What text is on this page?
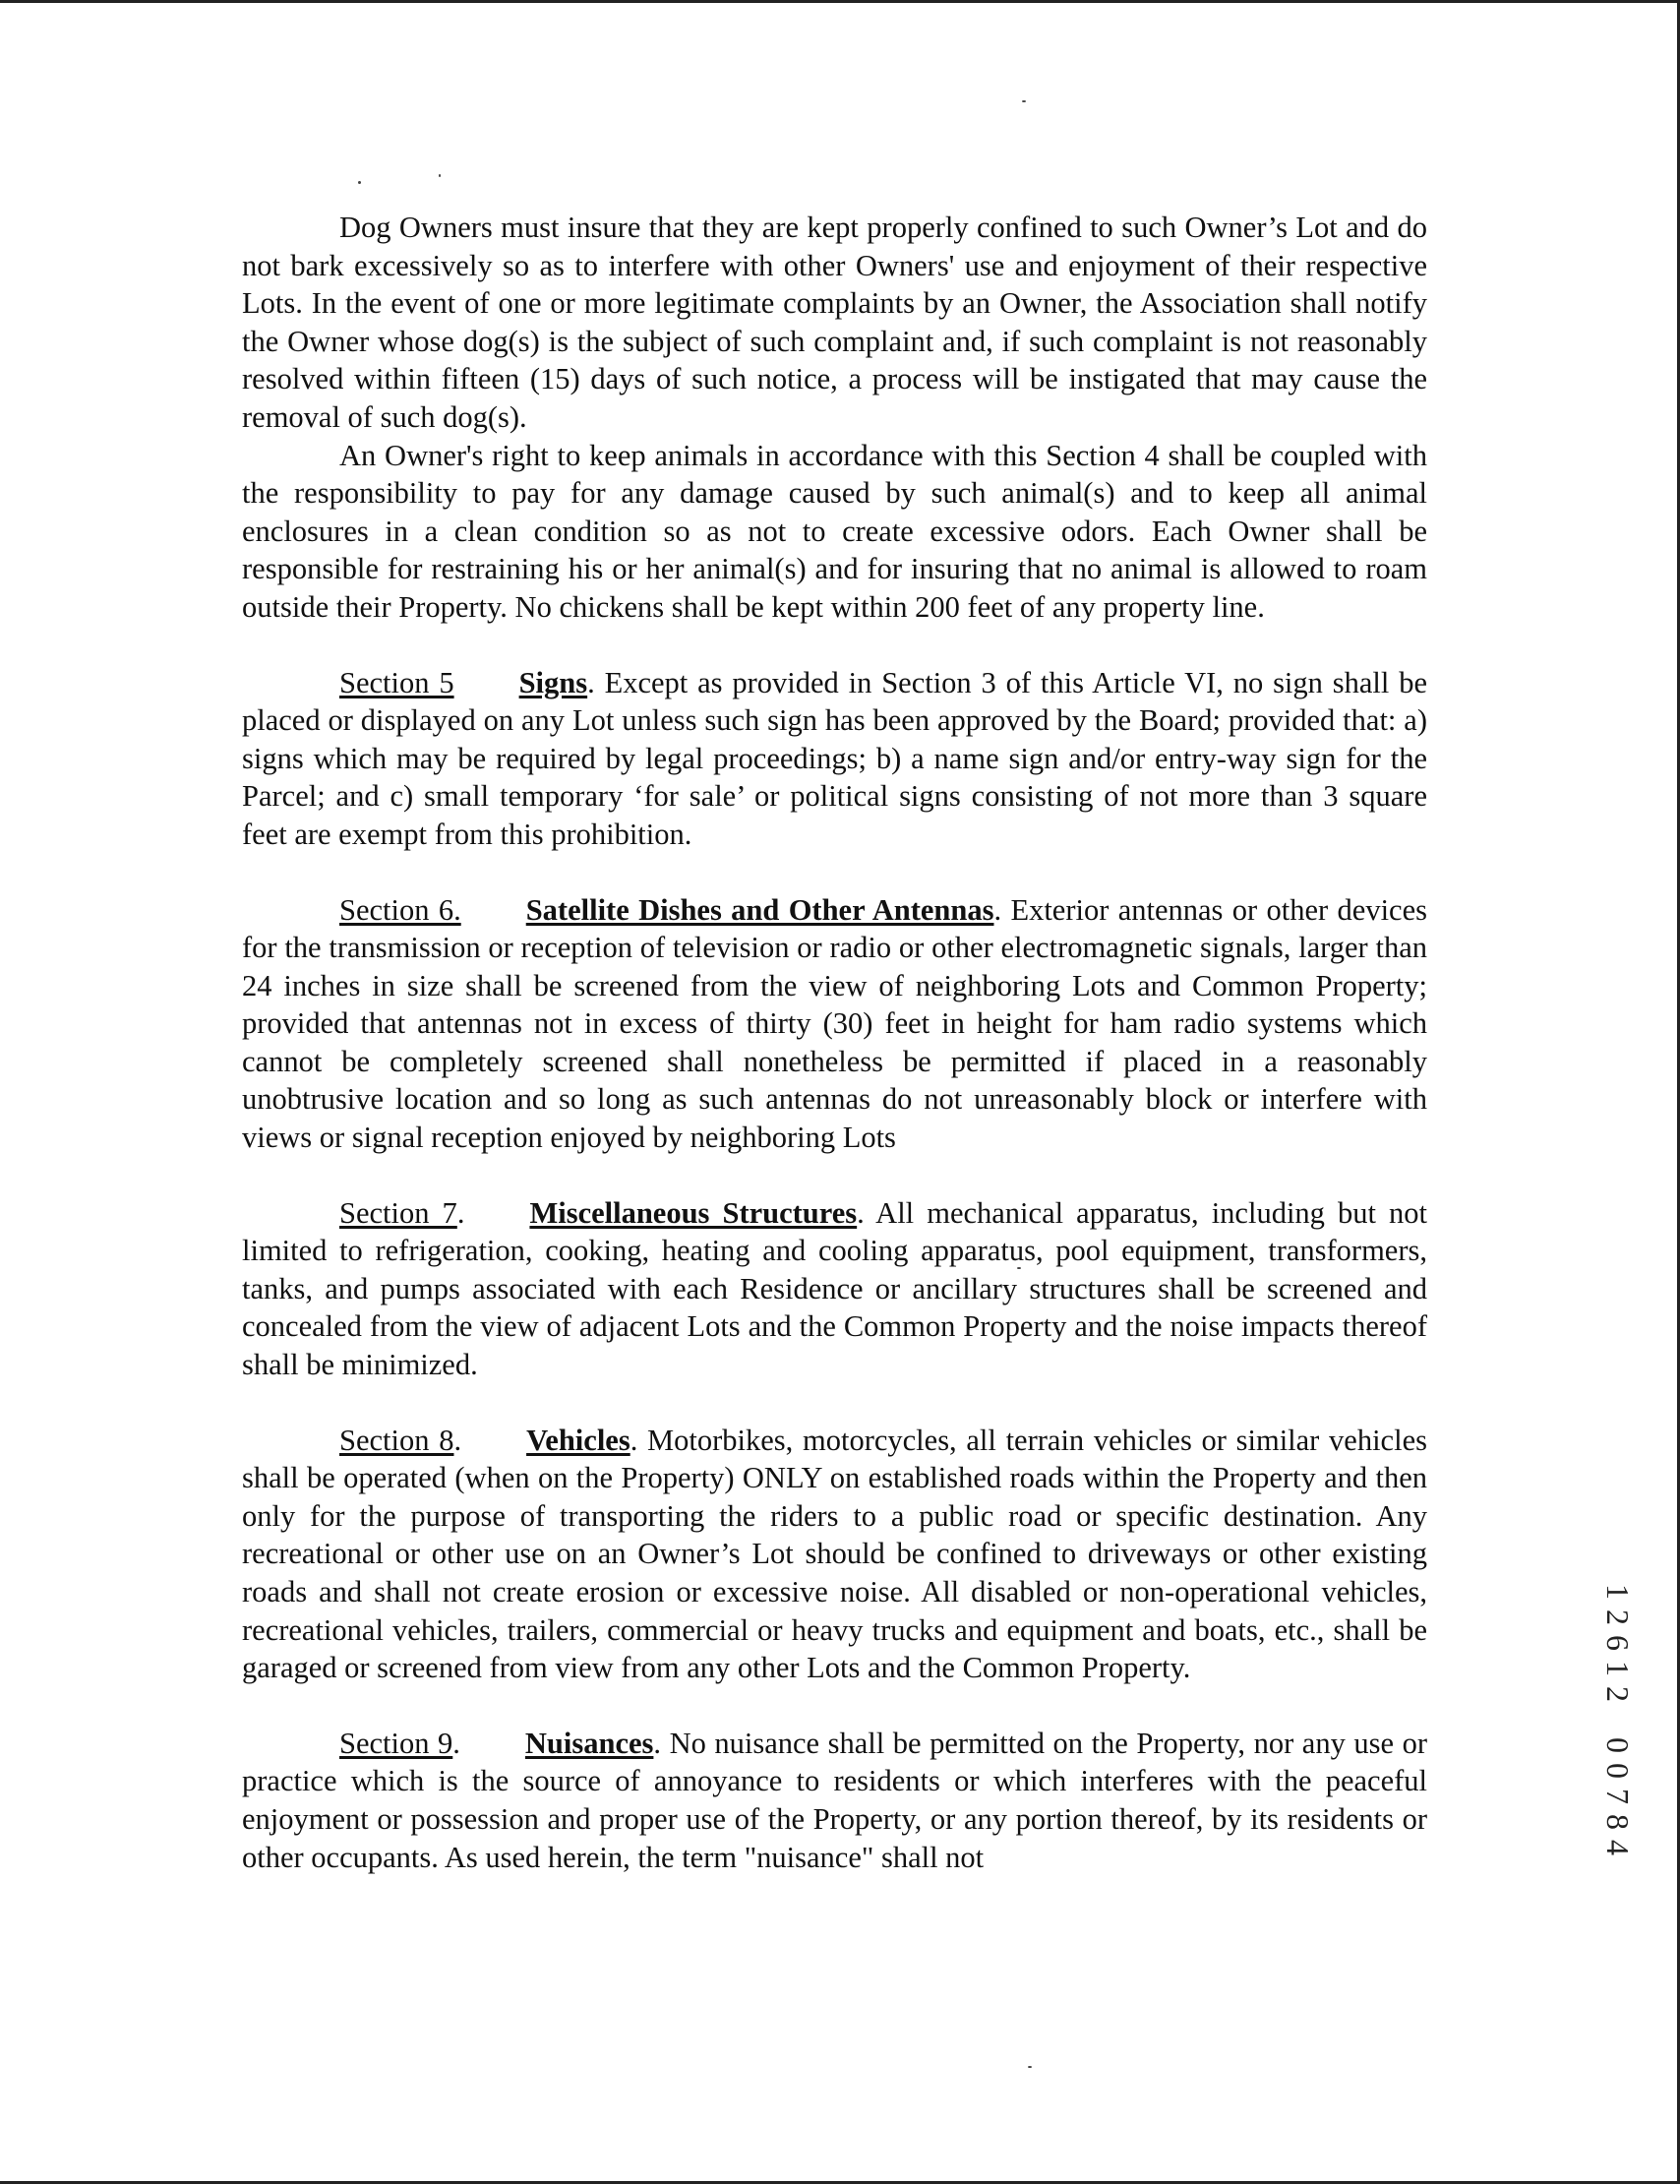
Dog Owners must insure that they are kept properly confined to such Owner’s Lot and do not bark excessively so as to interfere with other Owners' use and enjoyment of their respective Lots. In the event of one or more legitimate complaints by an Owner, the Association shall notify the Owner whose dog(s) is the subject of such complaint and, if such complaint is not reasonably resolved within fifteen (15) days of such notice, a process will be instigated that may cause the removal of such dog(s).

An Owner's right to keep animals in accordance with this Section 4 shall be coupled with the responsibility to pay for any damage caused by such animal(s) and to keep all animal enclosures in a clean condition so as not to create excessive odors. Each Owner shall be responsible for restraining his or her animal(s) and for insuring that no animal is allowed to roam outside their Property. No chickens shall be kept within 200 feet of any property line.

Section 5 Signs. Except as provided in Section 3 of this Article VI, no sign shall be placed or displayed on any Lot unless such sign has been approved by the Board; provided that: a) signs which may be required by legal proceedings; b) a name sign and/or entry-way sign for the Parcel; and c) small temporary ‘for sale’ or political signs consisting of not more than 3 square feet are exempt from this prohibition.

Section 6. Satellite Dishes and Other Antennas. Exterior antennas or other devices for the transmission or reception of television or radio or other electromagnetic signals, larger than 24 inches in size shall be screened from the view of neighboring Lots and Common Property; provided that antennas not in excess of thirty (30) feet in height for ham radio systems which cannot be completely screened shall nonetheless be permitted if placed in a reasonably unobtrusive location and so long as such antennas do not unreasonably block or interfere with views or signal reception enjoyed by neighboring Lots

Section 7. Miscellaneous Structures. All mechanical apparatus, including but not limited to refrigeration, cooking, heating and cooling apparatus, pool equipment, transformers, tanks, and pumps associated with each Residence or ancillary structures shall be screened and concealed from the view of adjacent Lots and the Common Property and the noise impacts thereof shall be minimized.

Section 8. Vehicles. Motorbikes, motorcycles, all terrain vehicles or similar vehicles shall be operated (when on the Property) ONLY on established roads within the Property and then only for the purpose of transporting the riders to a public road or specific destination. Any recreational or other use on an Owner’s Lot should be confined to driveways or other existing roads and shall not create erosion or excessive noise. All disabled or non-operational vehicles, recreational vehicles, trailers, commercial or heavy trucks and equipment and boats, etc., shall be garaged or screened from view from any other Lots and the Common Property.

Section 9. Nuisances. No nuisance shall be permitted on the Property, nor any use or practice which is the source of annoyance to residents or which interferes with the peaceful enjoyment or possession and proper use of the Property, or any portion thereof, by its residents or other occupants. As used herein, the term "nuisance" shall not

1
2
6
1
2
0
0
7
8
4
